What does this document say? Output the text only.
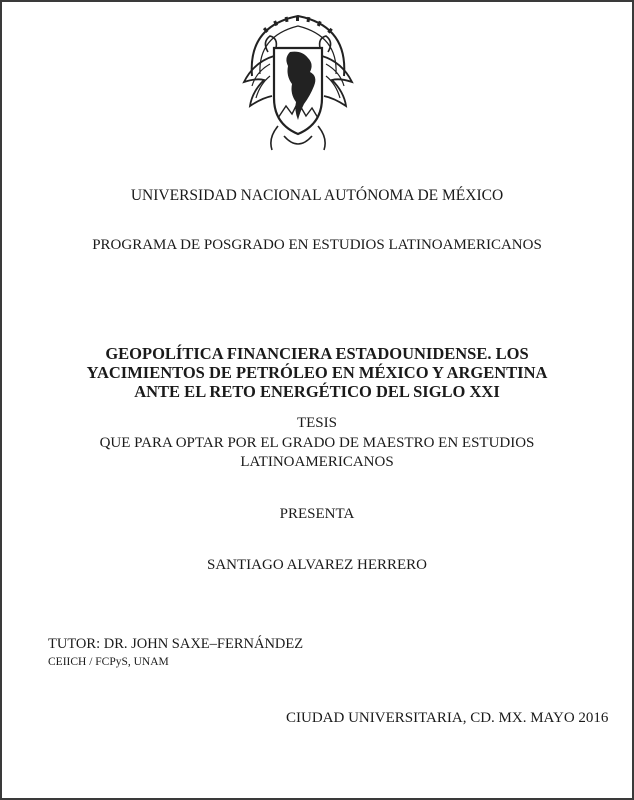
UNIVERSIDAD NACIONAL AUTÓNOMA DE MÉXICO
PROGRAMA DE POSGRADO EN ESTUDIOS LATINOAMERICANOS
GEOPOLÍTICA FINANCIERA ESTADOUNIDENSE. LOS
YACIMIENTOS DE PETRÓLEO EN MÉXICO Y ARGENTINA
ANTE EL RETO ENERGÉTICO DEL SIGLO XXI
TESIS
QUE PARA OPTAR POR EL GRADO DE MAESTRO EN ESTUDIOS
LATINOAMERICANOS
PRESENTA
SANTIAGO ALVAREZ HERRERO
TUTOR: DR. JOHN SAXE–FERNÁNDEZ
CEIICH / FCPyS, UNAM
CIUDAD UNIVERSITARIA, CD. MX. MAYO 2016
